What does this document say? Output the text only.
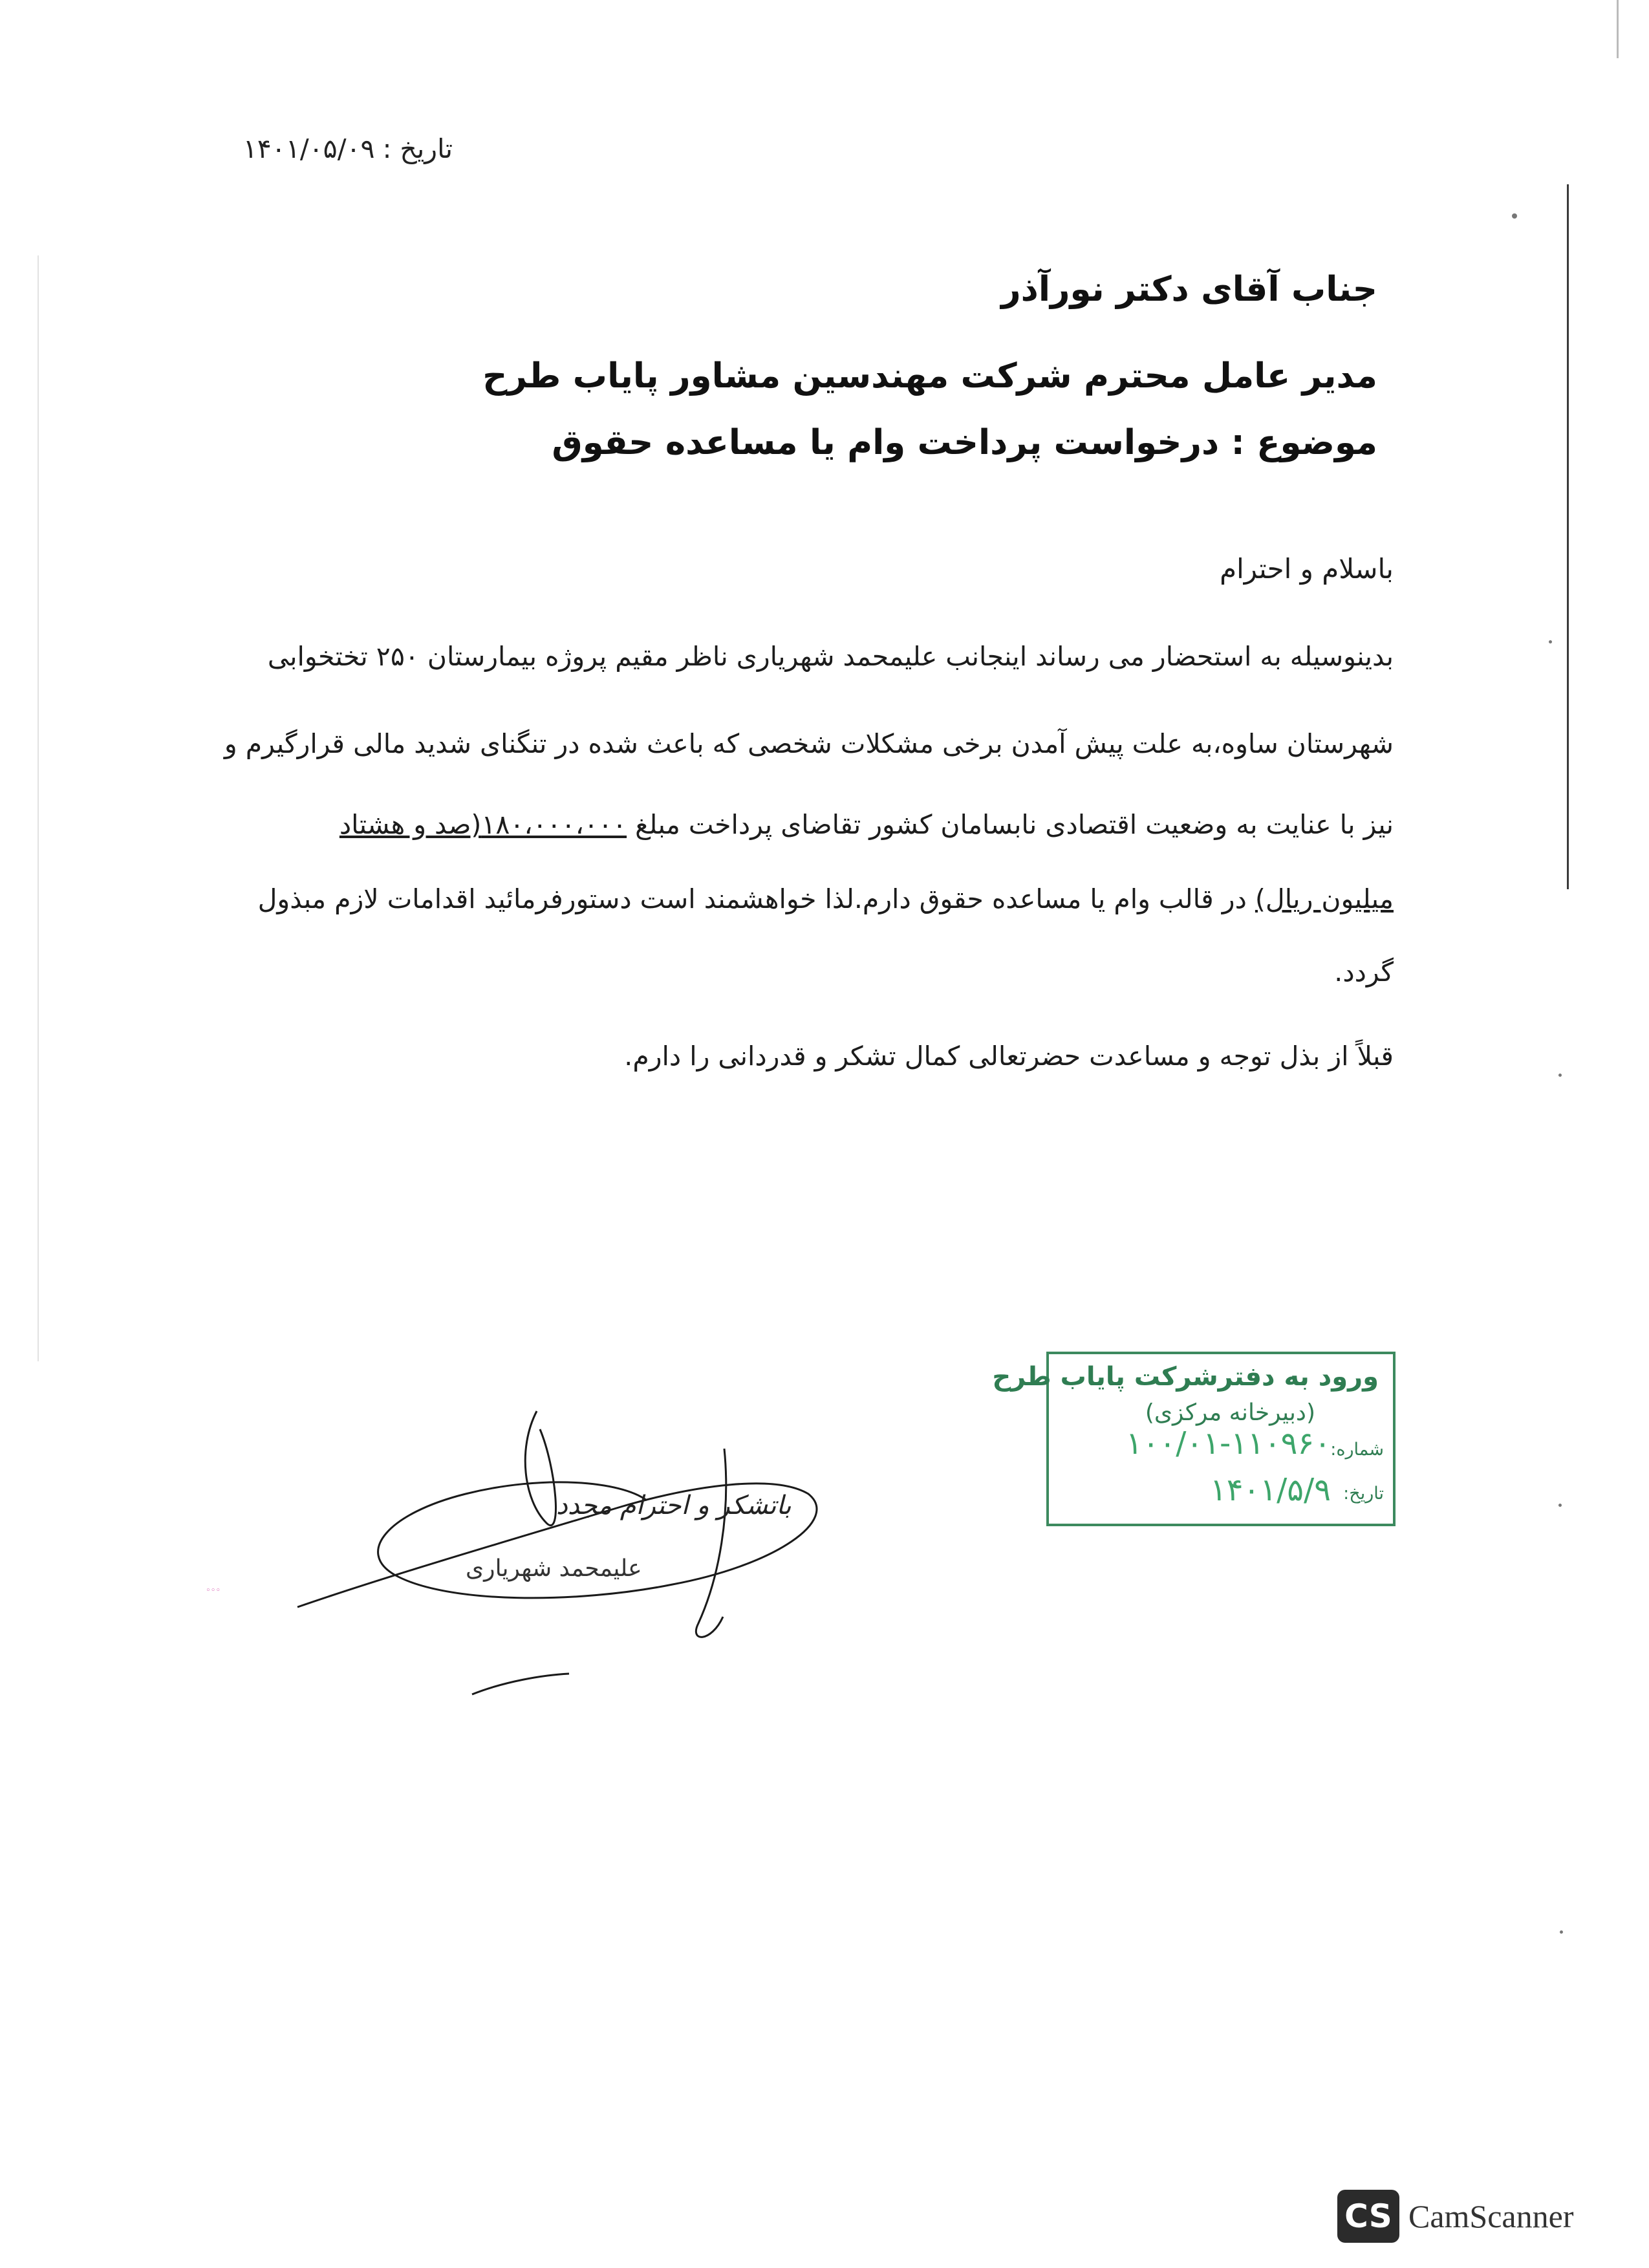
تاریخ :۱۴۰۱/۰۵/۰۹
جناب آقای دکتر نورآذر
مدیر عامل محترم شرکت مهندسین مشاور پایاب طرح
موضوع : درخواست پرداخت وام یا مساعده حقوق
باسلام و احترام
بدینوسیله به استحضار می رساند اینجانب علیمحمد شهریاری ناظر مقیم پروژه بیمارستان ۲۵۰ تختخوابی
شهرستان ساوه،به علت پیش آمدن برخی مشکلات شخصی که باعث شده در تنگنای شدید مالی قرارگیرم و
نیز با عنایت به وضعیت اقتصادی نابسامان کشور تقاضای پرداخت مبلغ ۱۸۰،۰۰۰،۰۰۰(صد و هشتاد
میلیون ریال) در قالب وام یا مساعده حقوق دارم.لذا خواهشمند است دستورفرمائید اقدامات لازم مبذول
گردد.
قبلاً از بذل توجه و مساعدت حضرتعالی کمال تشکر و قدردانی را دارم.
ورود به دفترشرکت پایاب طرح
(دبیرخانه مرکزی)
شماره:
۱۰۰/۰۱-۱۱۰۹۶۰
تاریخ:
۱۴۰۱/۵/۹
باتشکر و احترام مجدد
علیمحمد شهریاری
◦◦◦
CS CamScanner
